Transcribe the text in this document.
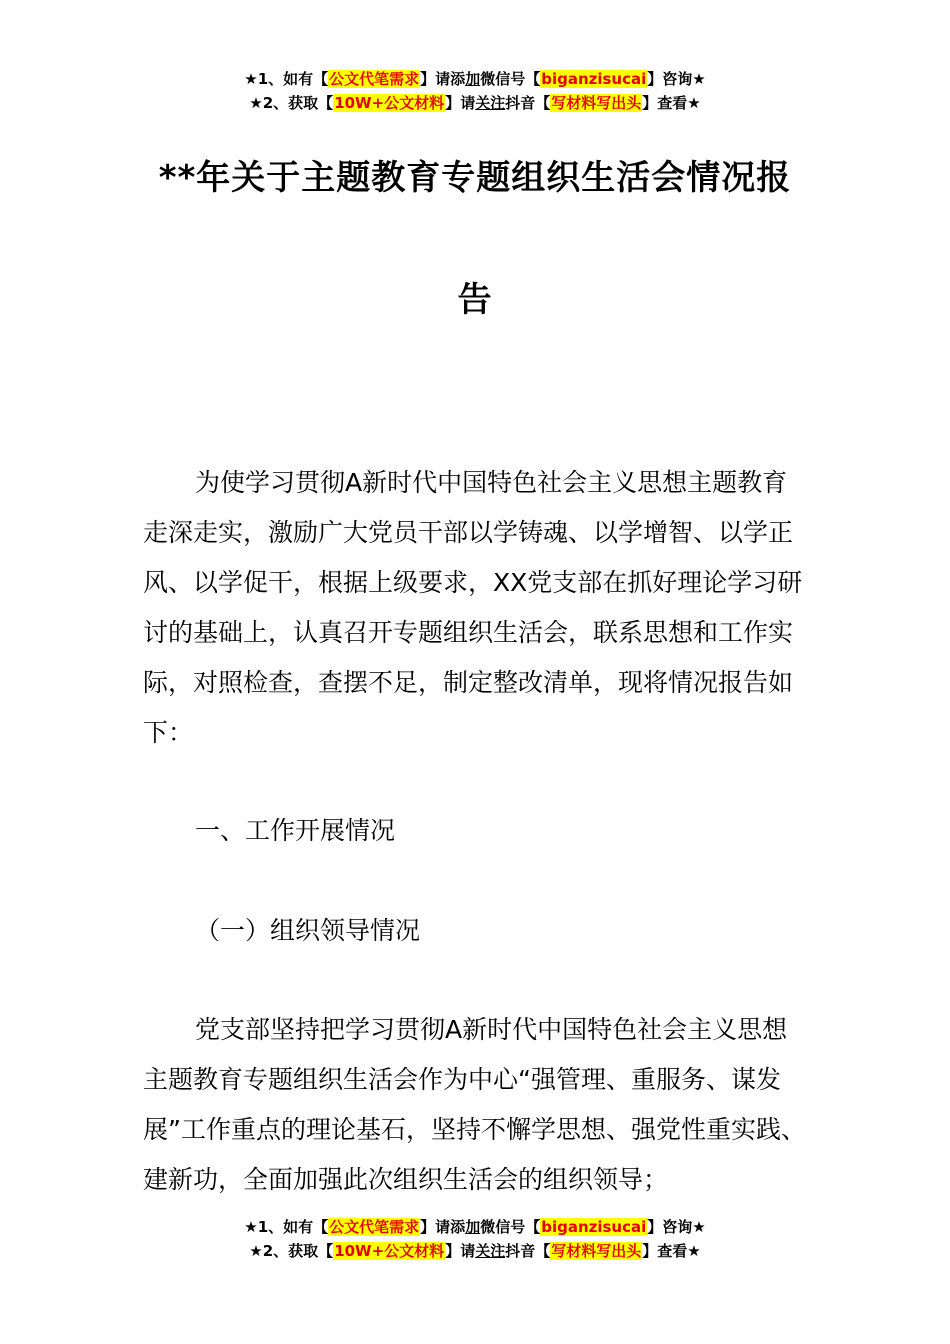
★1、如有【公文代笔需求】请添加微信号【biganzisucai】咨询★
★2、获取【10W+公文材料】请关注抖音【写材料写出头】查看★
**年关于主题教育专题组织生活会情况报
告

为使学习贯彻A新时代中国特色社会主义思想主题教育走深走实，激励广大党员干部以学铸魂、以学增智、以学正风、以学促干，根据上级要求，XX党支部在抓好理论学习研讨的基础上，认真召开专题组织生活会，联系思想和工作实际，对照检查，查摆不足，制定整改清单，现将情况报告如下：

一、工作开展情况

（一）组织领导情况

党支部坚持把学习贯彻A新时代中国特色社会主义思想主题教育专题组织生活会作为中心“强管理、重服务、谋发展”工作重点的理论基石，坚持不懈学思想、强党性重实践、建新功，全面加强此次组织生活会的组织领导；

★1、如有【公文代笔需求】请添加微信号【biganzisucai】咨询★
★2、获取【10W+公文材料】请关注抖音【写材料写出头】查看★
